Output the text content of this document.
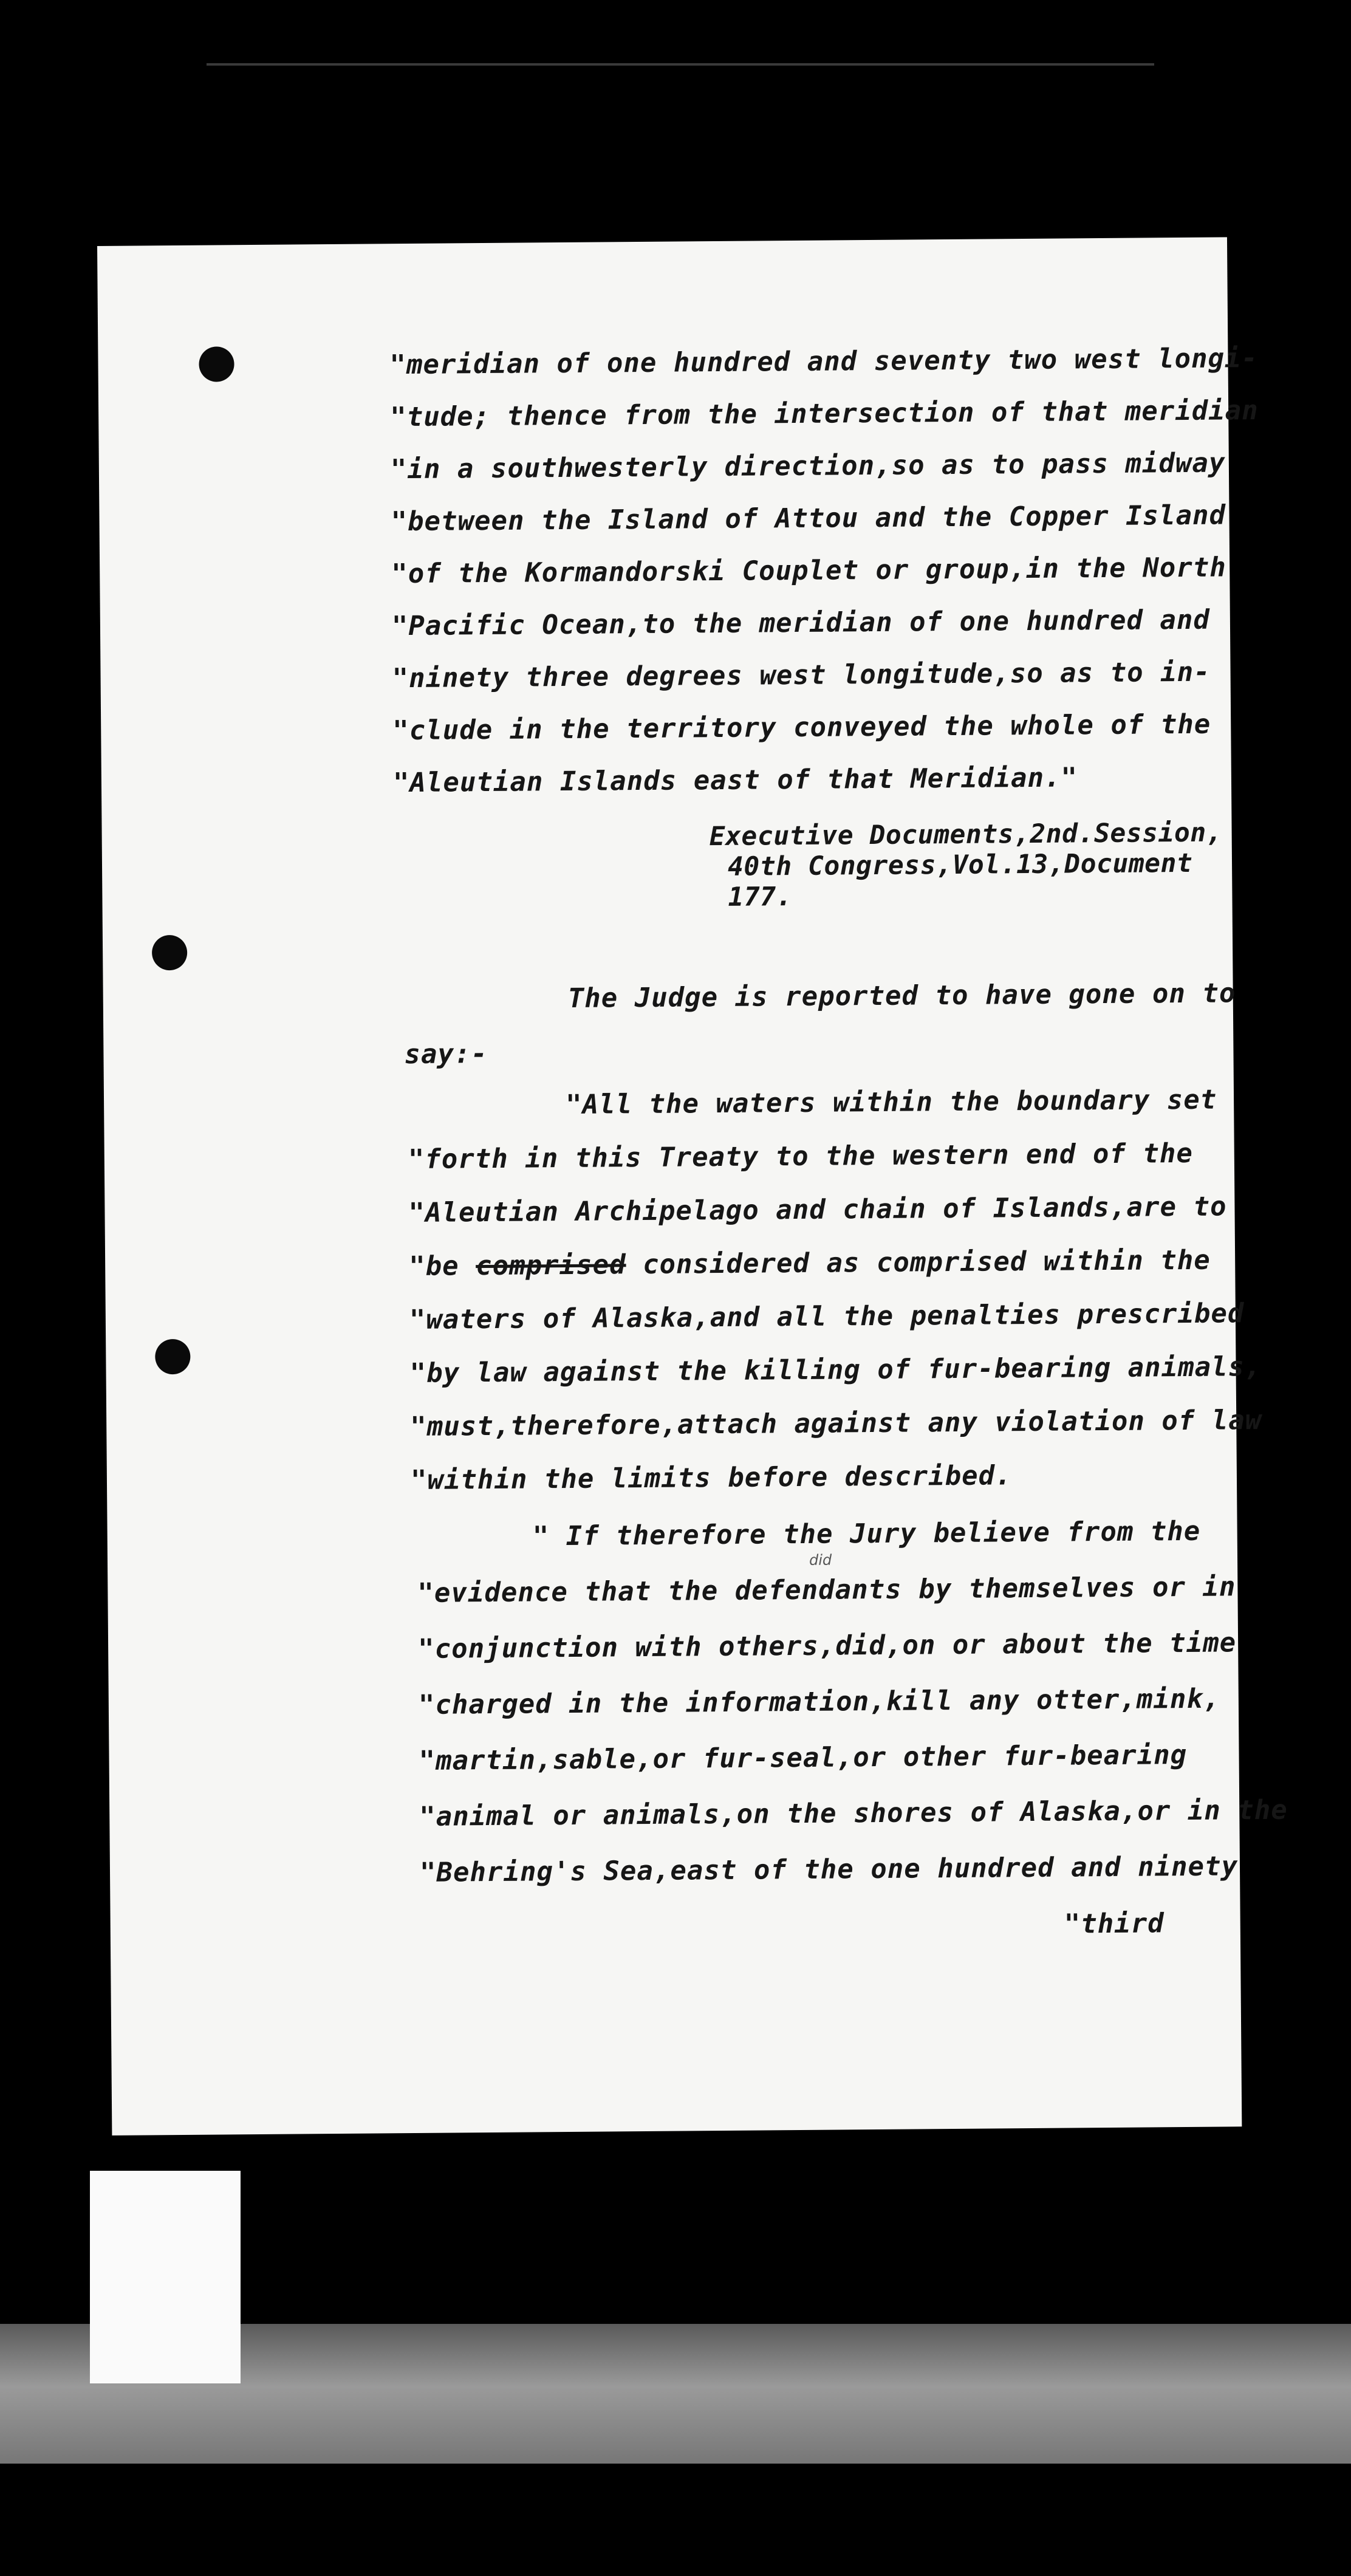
"meridian of one hundred and seventy two west longi-
"tude; thence from the intersection of that meridian
"in a southwesterly direction,so as to pass midway
"between the Island of Attou and the Copper Island
"of the Kormandorski Couplet or group,in the North
"Pacific Ocean,to the meridian of one hundred and
"ninety three degrees west longitude,so as to in-
"clude in the territory conveyed the whole of the
"Aleutian Islands east of that Meridian."
Executive Documents,2nd.Session,
40th Congress,Vol.13,Document
177.
The Judge is reported to have gone on to
say:-
"All the waters within the boundary set
"forth in this Treaty to the western end of the
"Aleutian Archipelago and chain of Islands,are to
"be comprised considered as comprised within the
"waters of Alaska,and all the penalties prescribed
"by law against the killing of fur-bearing animals,
"must,therefore,attach against any violation of law
"within the limits before described.
" If therefore the Jury believe from the
did
"evidence that the defendants by themselves or in
"conjunction with others,did,on or about the time
"charged in the information,kill any otter,mink,
"martin,sable,or fur-seal,or other fur-bearing
"animal or animals,on the shores of Alaska,or in the
"Behring's Sea,east of the one hundred and ninety
"third
